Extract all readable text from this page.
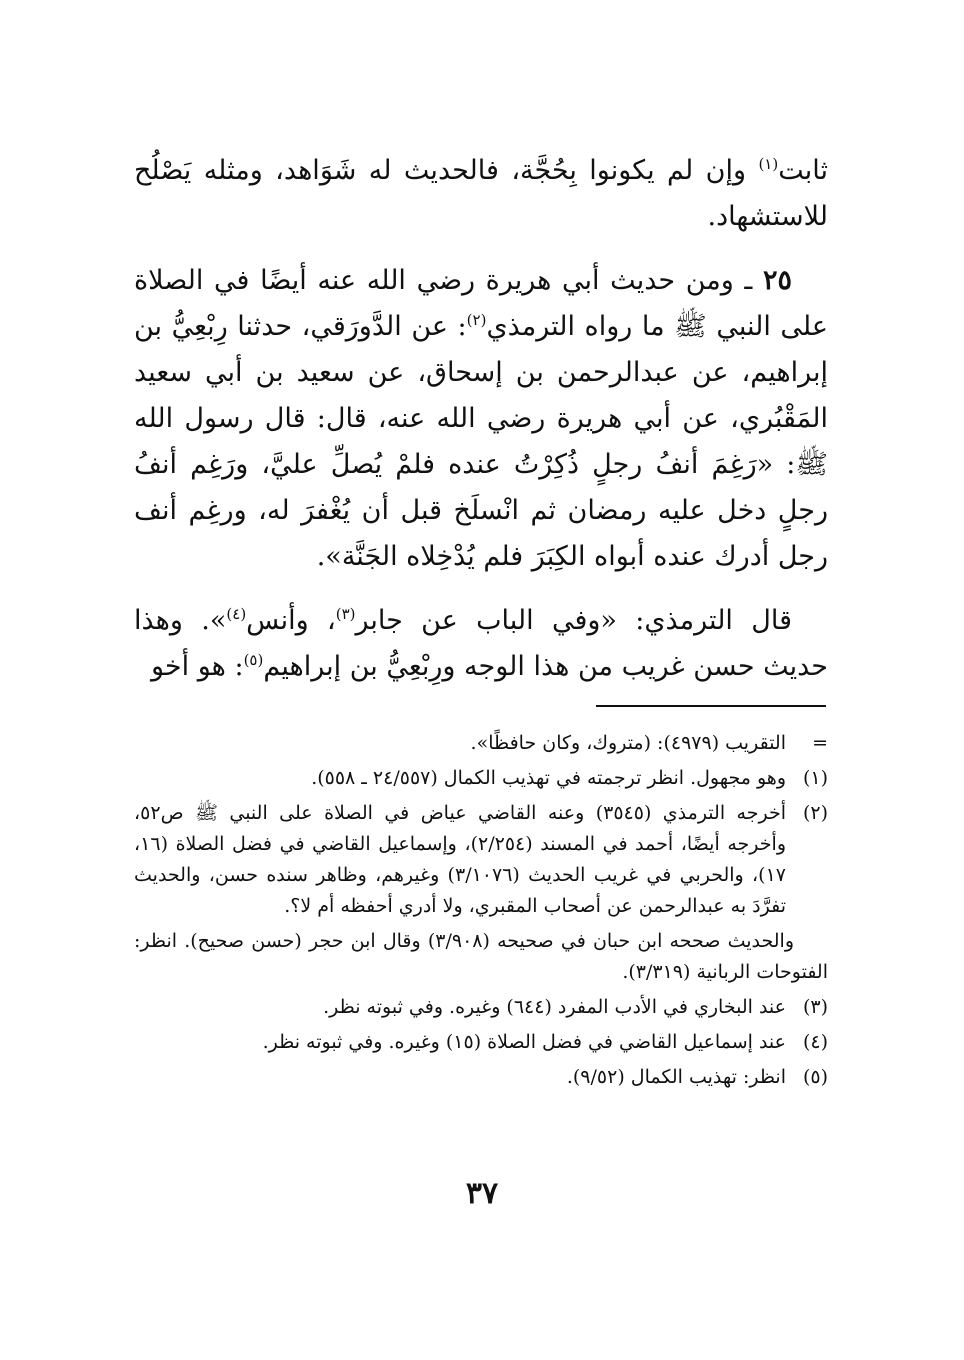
ثابت$^{(١)}$ وإن لم يكونوا بِحُجَّة، فالحديث له شَوَاهد، ومثله يَصْلُح للاستشهاد.

٢٥ ـ ومن حديث أبي هريرة رضي الله عنه أيضًا في الصلاة على النبي ﷺ ما رواه الترمذي$^{(٢)}$: عن الدَّورَقي، حدثنا رِبْعِيُّ بن إبراهيم، عن عبدالرحمن بن إسحاق، عن سعيد بن أبي سعيد المَقْبُري، عن أبي هريرة رضي الله عنه، قال: قال رسول الله ﷺ: «رَغِمَ أنفُ رجلٍ ذُكِرْتُ عنده فلمْ يُصلِّ عليَّ، ورَغِم أنفُ رجلٍ دخل عليه رمضان ثم انْسلَخ قبل أن يُغْفرَ له، ورغِم أنف رجل أدرك عنده أبواه الكِبَرَ فلم يُدْخِلاه الجَنَّة».

قال الترمذي: «وفي الباب عن جابر$^{(٣)}$، وأنس$^{(٤)}$». وهذا حديث حسن غريب من هذا الوجه ورِبْعِيُّ بن إبراهيم$^{(٥)}$: هو أخو

=
التقريب (٤٩٧٩): (متروك، وكان حافظًا».
(١)
وهو مجهول. انظر ترجمته في تهذيب الكمال (٢٤/٥٥٧ ـ ٥٥٨).
(٢)
أخرجه الترمذي (٣٥٤٥) وعنه القاضي عياض في الصلاة على النبي ﷺ ص٥٢، وأخرجه أيضًا، أحمد في المسند (٢/٢٥٤)، وإسماعيل القاضي في فضل الصلاة (١٦، ١٧)، والحربي في غريب الحديث (٣/١٠٧٦) وغيرهم، وظاهر سنده حسن، والحديث تفرَّدَ به عبدالرحمن عن أصحاب المقبري، ولا أدري أحفظه أم لا؟.
والحديث صححه ابن حبان في صحيحه (٣/٩٠٨) وقال ابن حجر (حسن صحيح). انظر: الفتوحات الربانية (٣/٣١٩).
(٣)
عند البخاري في الأدب المفرد (٦٤٤) وغيره. وفي ثبوته نظر.
(٤)
عند إسماعيل القاضي في فضل الصلاة (١٥) وغيره. وفي ثبوته نظر.
(٥)
انظر: تهذيب الكمال (٩/٥٢).
٣٧
